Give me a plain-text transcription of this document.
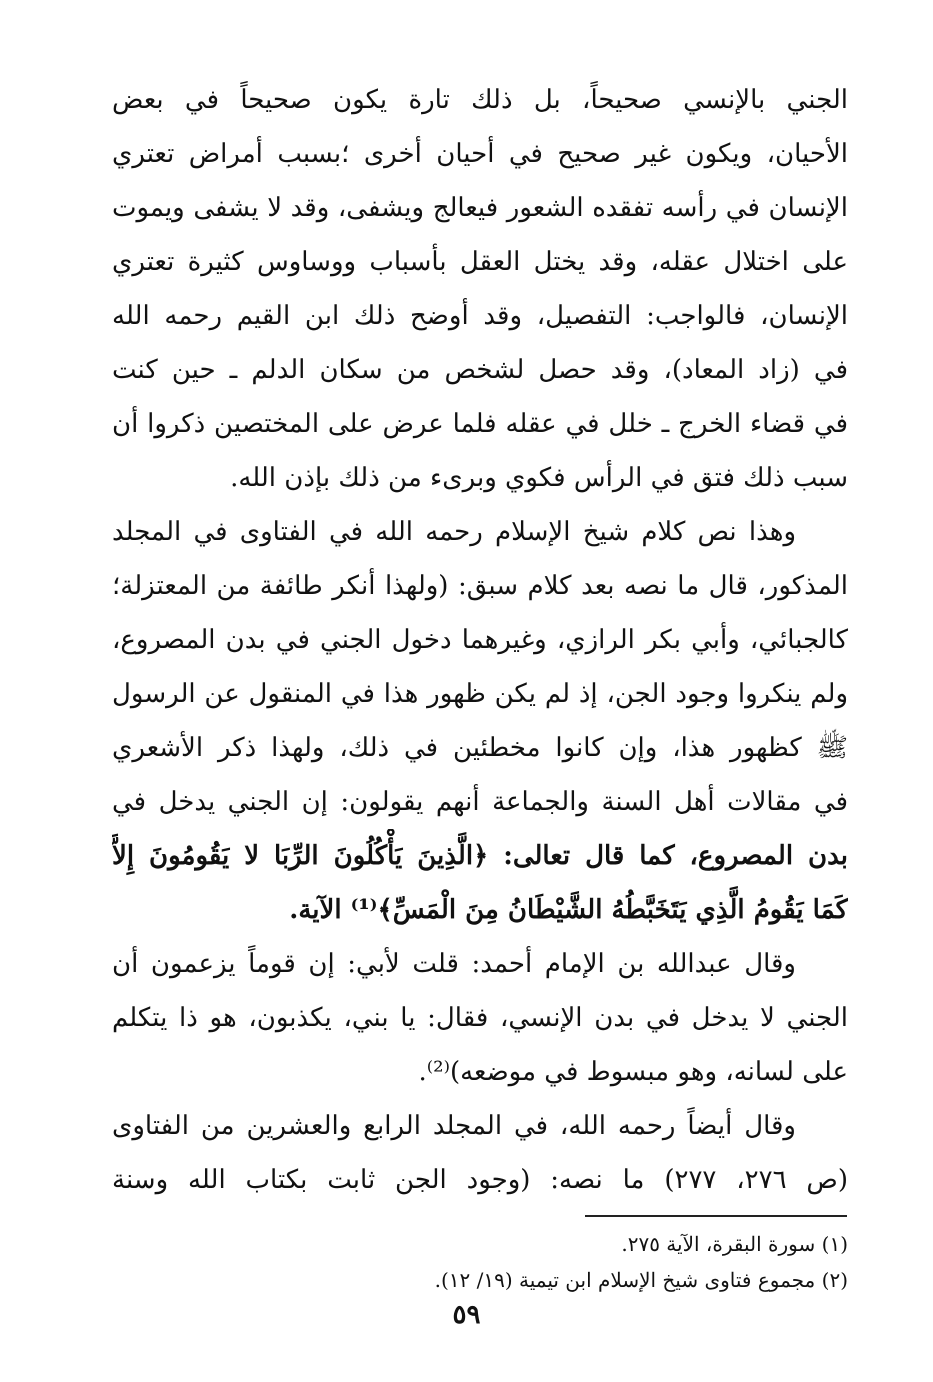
الجني بالإنسي صحيحاً، بل ذلك تارة يكون صحيحاً في بعض
الأحيان، ويكون غير صحيح في أحيان أخرى ؛بسبب أمراض تعتري
الإنسان في رأسه تفقده الشعور فيعالج ويشفى، وقد لا يشفى ويموت
على اختلال عقله، وقد يختل العقل بأسباب ووساوس كثيرة تعتري
الإنسان، فالواجب: التفصيل، وقد أوضح ذلك ابن القيم رحمه الله
في (زاد المعاد)، وقد حصل لشخص من سكان الدلم ـ حين كنت
في قضاء الخرج ـ خلل في عقله فلما عرض على المختصين ذكروا أن
سبب ذلك فتق في الرأس فكوي وبرىء من ذلك بإذن الله.
وهذا نص كلام شيخ الإسلام رحمه الله في الفتاوى في المجلد
المذكور، قال ما نصه بعد كلام سبق: (ولهذا أنكر طائفة من المعتزلة؛
كالجبائي، وأبي بكر الرازي، وغيرهما دخول الجني في بدن المصروع،
ولم ينكروا وجود الجن، إذ لم يكن ظهور هذا في المنقول عن الرسول
ﷺ كظهور هذا، وإن كانوا مخطئين في ذلك، ولهذا ذكر الأشعري
في مقالات أهل السنة والجماعة أنهم يقولون: إن الجني يدخل في
بدن المصروع، كما قال تعالى: ﴿الَّذِينَ يَأْكُلُونَ الرِّبَا لا يَقُومُونَ إِلاَّ
كَمَا يَقُومُ الَّذِي يَتَخَبَّطُهُ الشَّيْطَانُ مِنَ الْمَسِّ﴾⁽¹⁾ الآية.
وقال عبدالله بن الإمام أحمد: قلت لأبي: إن قوماً يزعمون أن
الجني لا يدخل في بدن الإنسي، فقال: يا بني، يكذبون، هو ذا يتكلم
على لسانه، وهو مبسوط في موضعه)⁽²⁾.
وقال أيضاً رحمه الله، في المجلد الرابع والعشرين من الفتاوى
(ص ٢٧٦، ٢٧٧) ما نصه: (وجود الجن ثابت بكتاب الله وسنة
(١) سورة البقرة، الآية ٢٧٥.
(٢) مجموع فتاوى شيخ الإسلام ابن تيمية (١٩/ ١٢).
٥٩
